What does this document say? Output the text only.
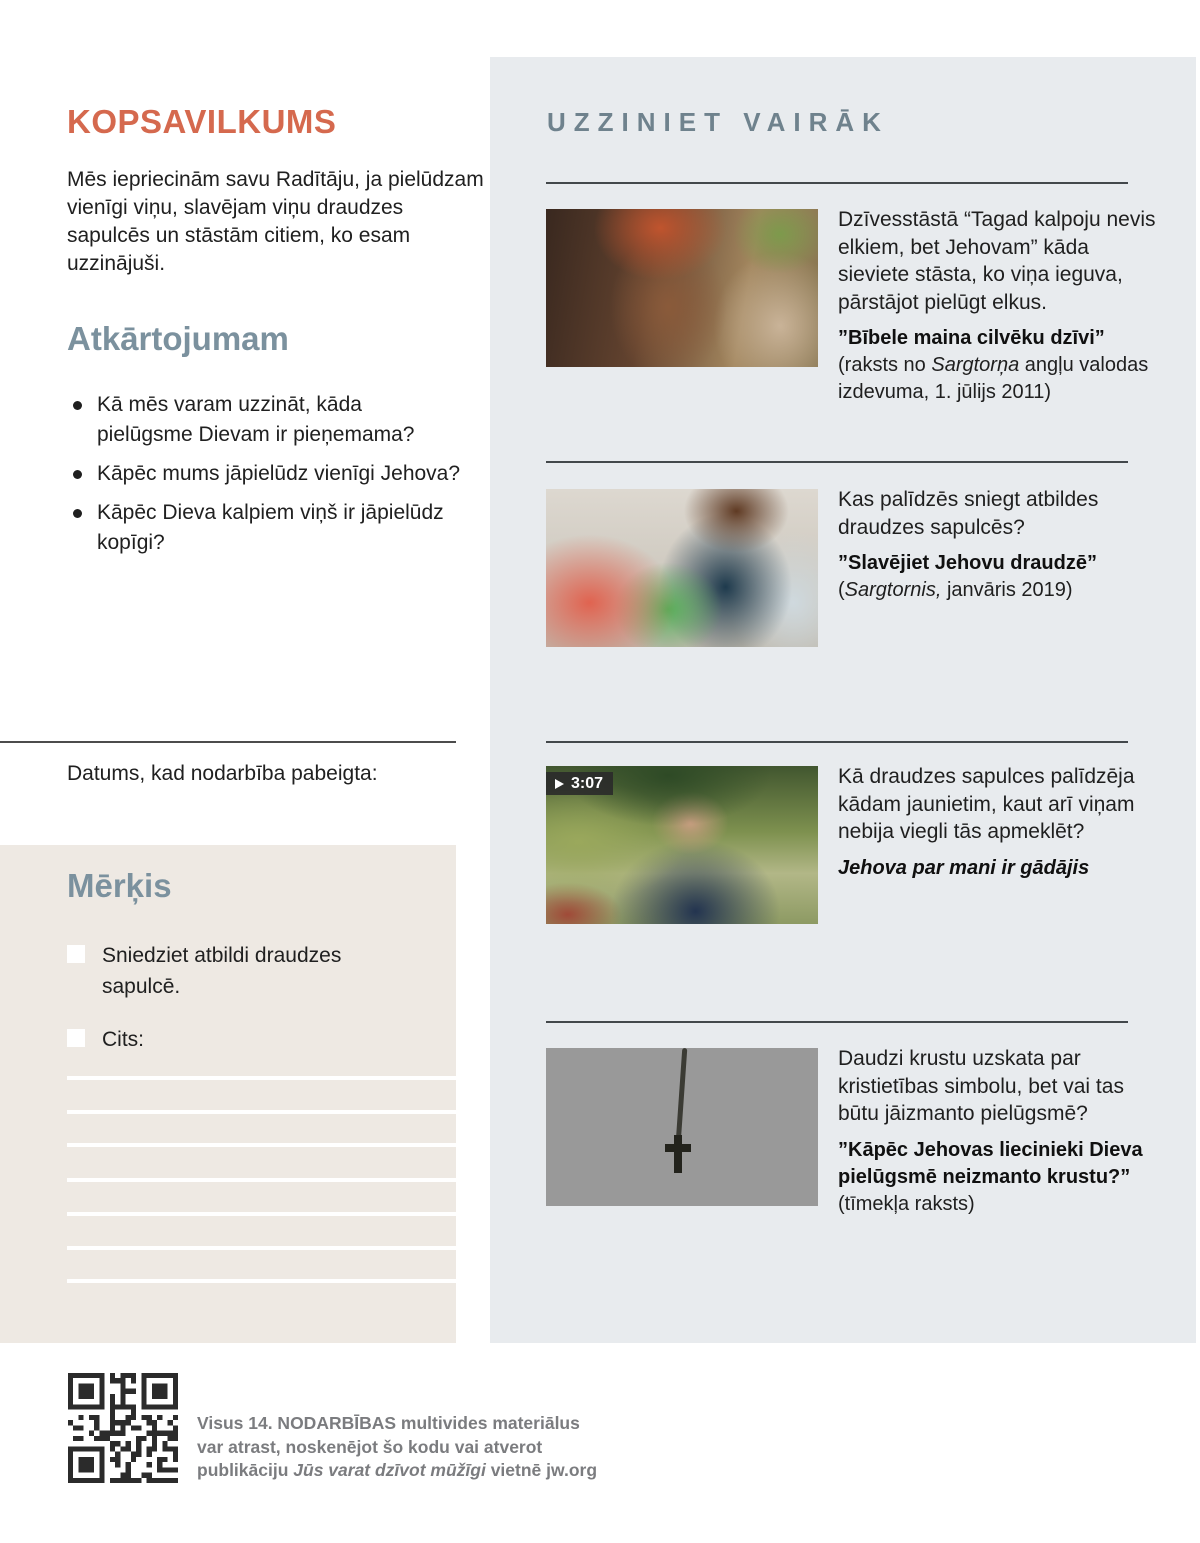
KOPSAVILKUMS
Mēs iepriecinām savu Radītāju, ja pielūdzam vienīgi viņu, slavējam viņu draudzes sapulcēs un stāstām citiem, ko esam uzzinājuši.
Atkārtojumam
Kā mēs varam uzzināt, kāda pielūgsme Dievam ir pieņemama?
Kāpēc mums jāpielūdz vienīgi Jehova?
Kāpēc Dieva kalpiem viņš ir jāpielūdz kopīgi?
Datums, kad nodarbība pabeigta:
Mērķis
Sniedziet atbildi draudzes sapulcē.
Cits:
UZZINIET VAIRĀK

Dzīvesstāstā “Tagad kalpoju nevis elkiem, bet Jehovam” kāda sieviete stāsta, ko viņa ieguva, pārstājot pielūgt elkus.

”Bībele maina cilvēku dzīvi”
(raksts no Sargtorņa angļu valodas izdevuma, 1. jūlijs 2011)

Kas palīdzēs sniegt atbildes draudzes sapulcēs?

”Slavējiet Jehovu draudzē”
(Sargtornis, janvāris 2019)
3:07	Kā draudzes sapulces palīdzēja kādam jaunietim, kaut arī viņam nebija viegli tās apmeklēt?

Jehova par mani ir gādājis

Daudzi krustu uzskata par kristietības simbolu, bet vai tas būtu jāizmanto pielūgsmē?

”Kāpēc Jehovas liecinieki Dieva pielūgsmē neizmanto krustu?” (tīmekļa raksts)
Visus 14. NODARBĪBAS multivides materiālus
var atrast, noskenējot šo kodu vai atverot
publikāciju Jūs varat dzīvot mūžīgi vietnē jw.org
